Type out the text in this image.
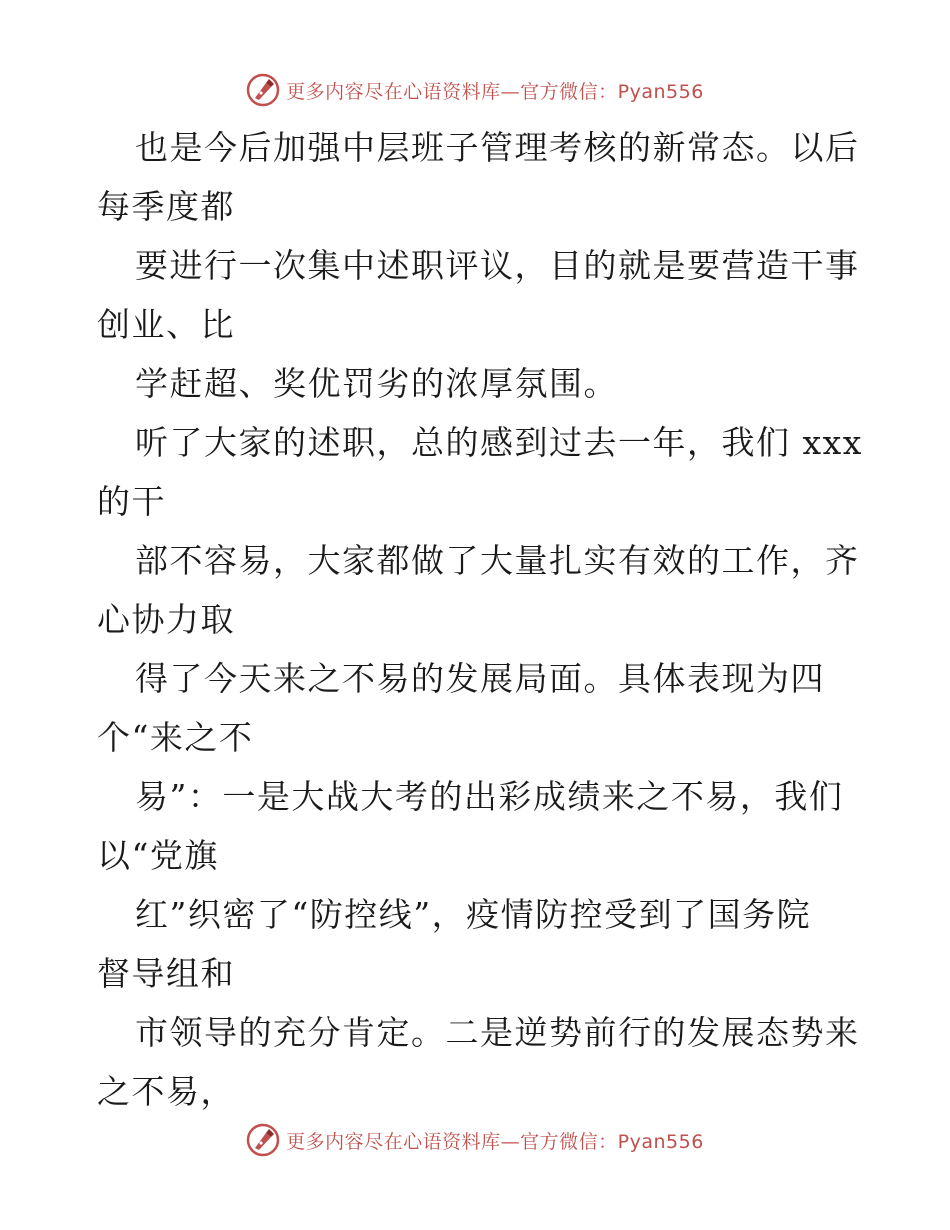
更多内容尽在心语资料库—官方微信：Pyan556
也是今后加强中层班子管理考核的新常态。以后
每季度都
要进行一次集中述职评议，目的就是要营造干事
创业、比
学赶超、奖优罚劣的浓厚氛围。
听了大家的述职，总的感到过去一年，我们 xxx
的干
部不容易，大家都做了大量扎实有效的工作，齐
心协力取
得了今天来之不易的发展局面。具体表现为四
个“来之不
易”：一是大战大考的出彩成绩来之不易，我们
以“党旗
红”织密了“防控线”，疫情防控受到了国务院
督导组和
市领导的充分肯定。二是逆势前行的发展态势来
之不易，
更多内容尽在心语资料库—官方微信：Pyan556
